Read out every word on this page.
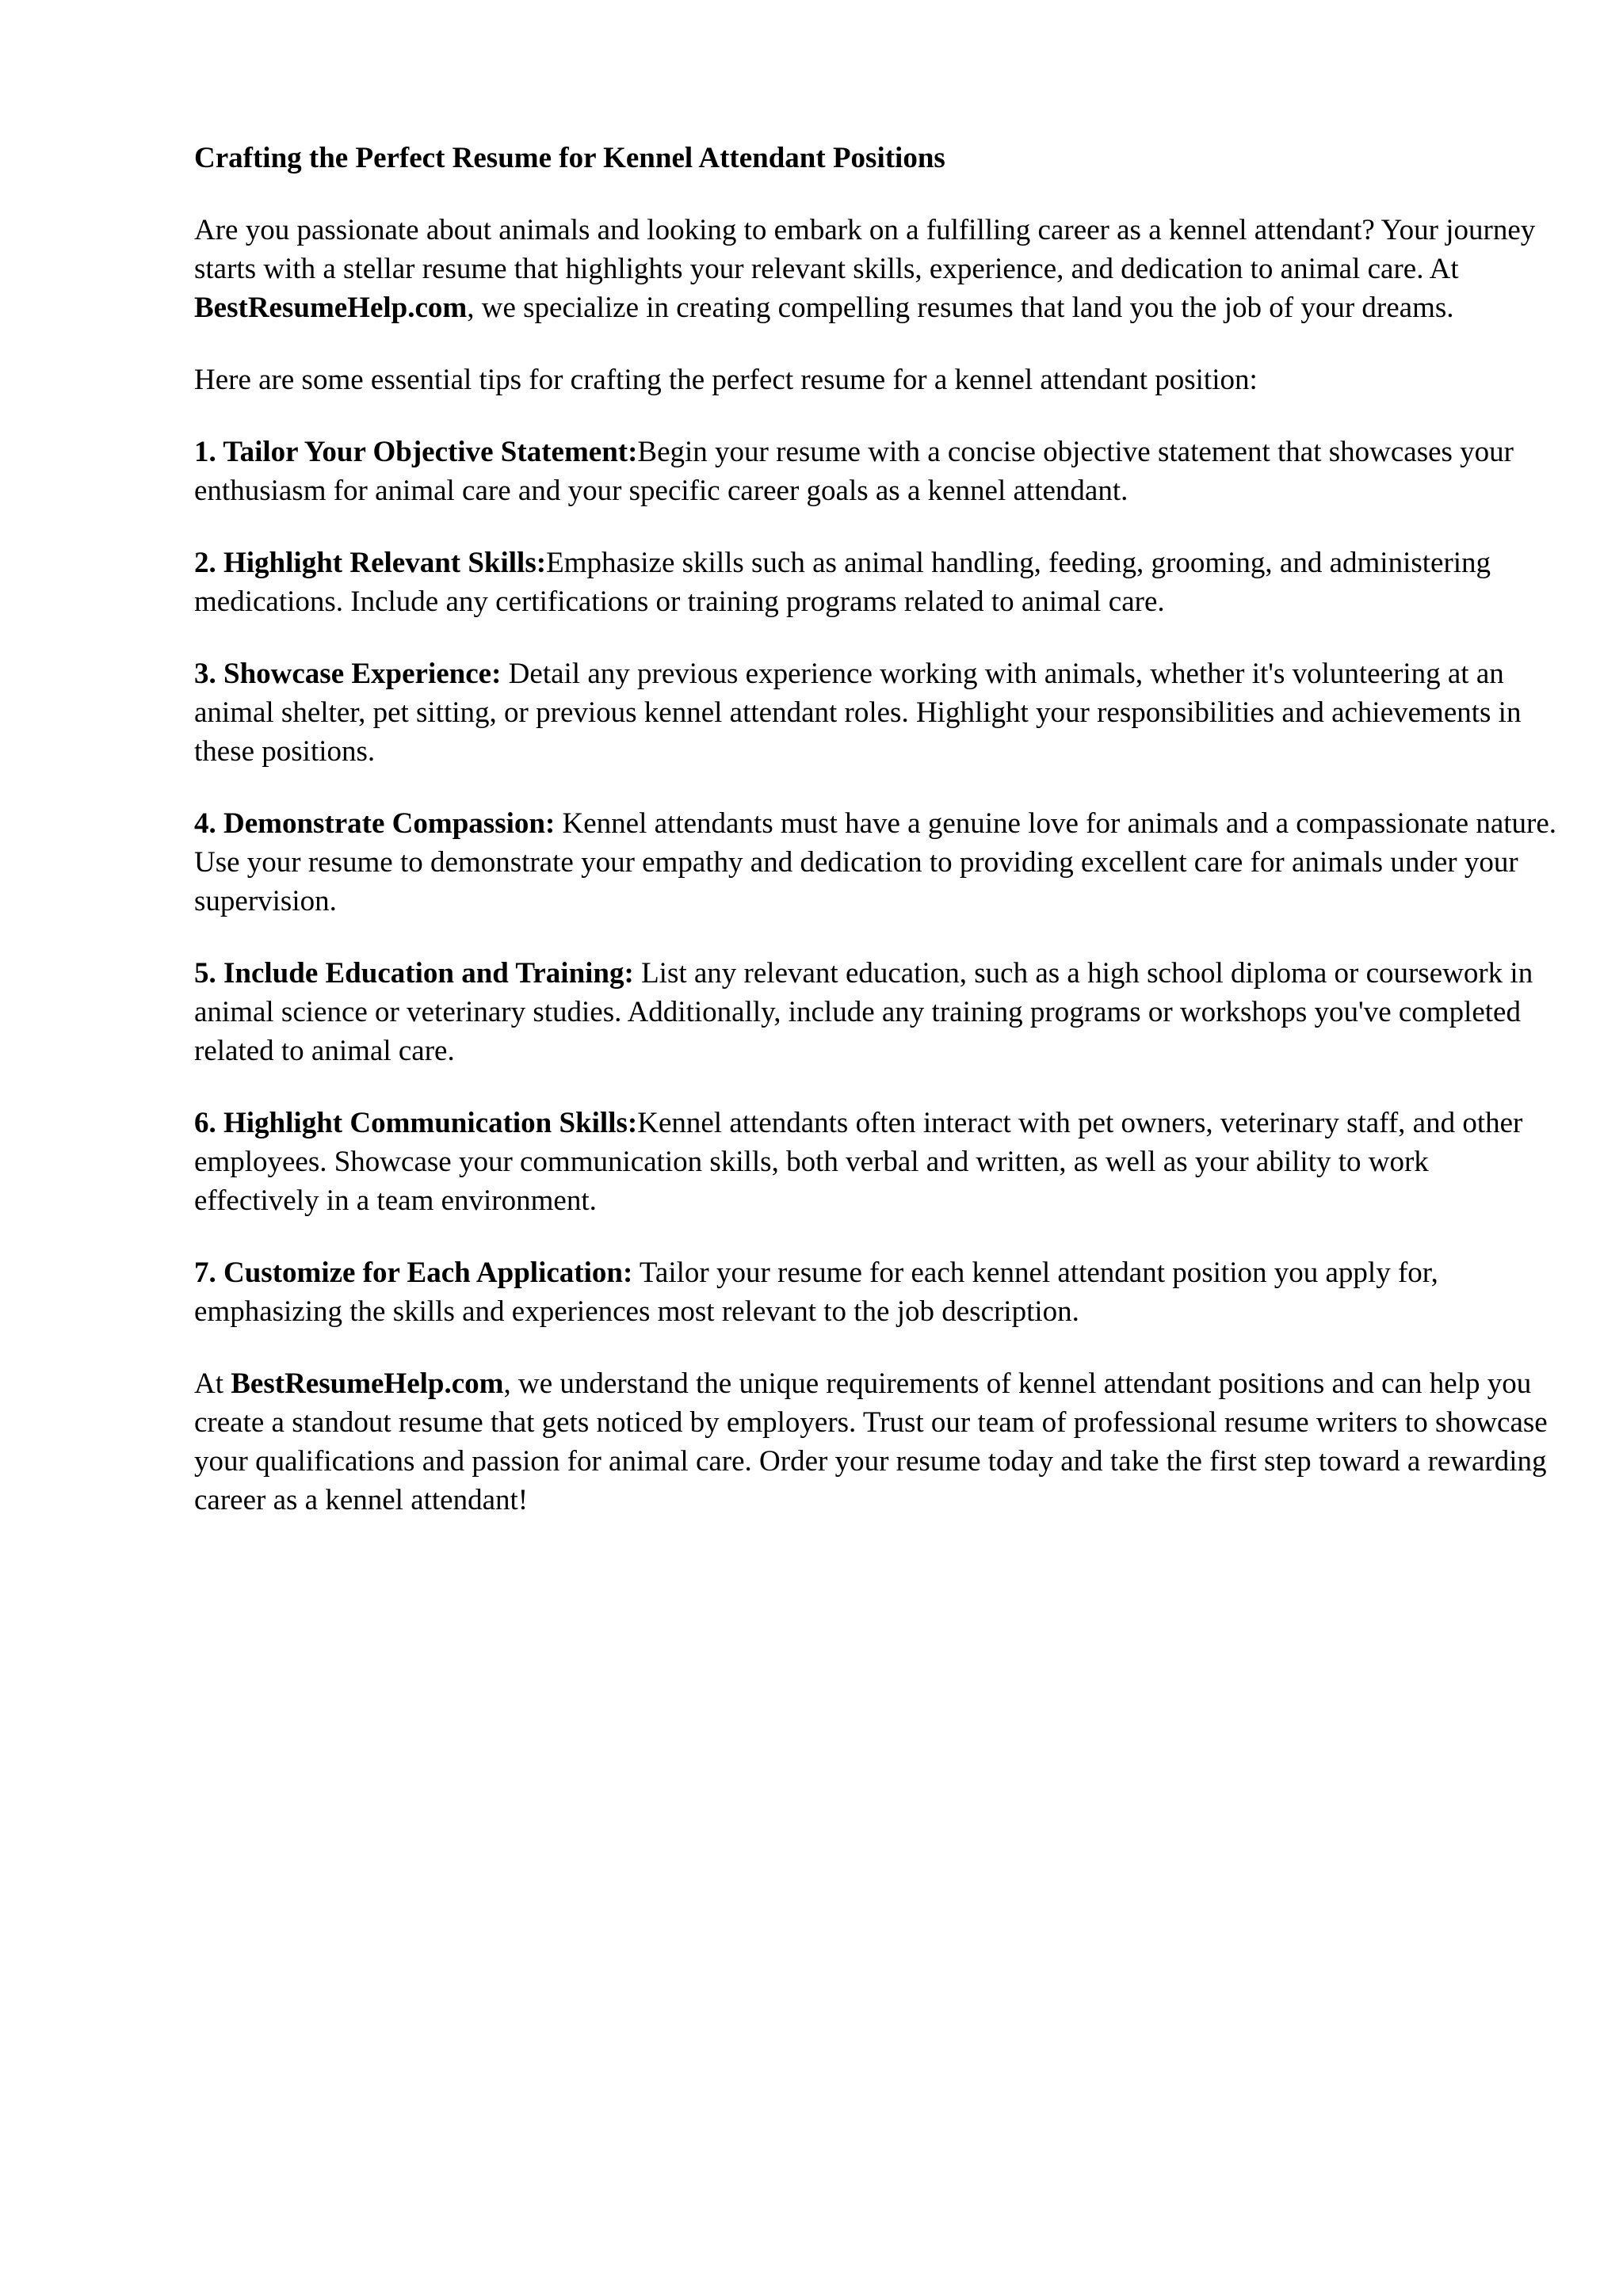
Crafting the Perfect Resume for Kennel Attendant Positions

Are you passionate about animals and looking to embark on a fulfilling career as a kennel attendant? Your journey starts with a stellar resume that highlights your relevant skills, experience, and dedication to animal care. At BestResumeHelp.com, we specialize in creating compelling resumes that land you the job of your dreams.

Here are some essential tips for crafting the perfect resume for a kennel attendant position:

1. Tailor Your Objective Statement:Begin your resume with a concise objective statement that showcases your enthusiasm for animal care and your specific career goals as a kennel attendant.

2. Highlight Relevant Skills:Emphasize skills such as animal handling, feeding, grooming, and administering medications. Include any certifications or training programs related to animal care.

3. Showcase Experience: Detail any previous experience working with animals, whether it's volunteering at an animal shelter, pet sitting, or previous kennel attendant roles. Highlight your responsibilities and achievements in these positions.

4. Demonstrate Compassion: Kennel attendants must have a genuine love for animals and a compassionate nature. Use your resume to demonstrate your empathy and dedication to providing excellent care for animals under your supervision.

5. Include Education and Training: List any relevant education, such as a high school diploma or coursework in animal science or veterinary studies. Additionally, include any training programs or workshops you've completed related to animal care.

6. Highlight Communication Skills:Kennel attendants often interact with pet owners, veterinary staff, and other employees. Showcase your communication skills, both verbal and written, as well as your ability to work effectively in a team environment.

7. Customize for Each Application: Tailor your resume for each kennel attendant position you apply for, emphasizing the skills and experiences most relevant to the job description.

At BestResumeHelp.com, we understand the unique requirements of kennel attendant positions and can help you create a standout resume that gets noticed by employers. Trust our team of professional resume writers to showcase your qualifications and passion for animal care. Order your resume today and take the first step toward a rewarding career as a kennel attendant!
